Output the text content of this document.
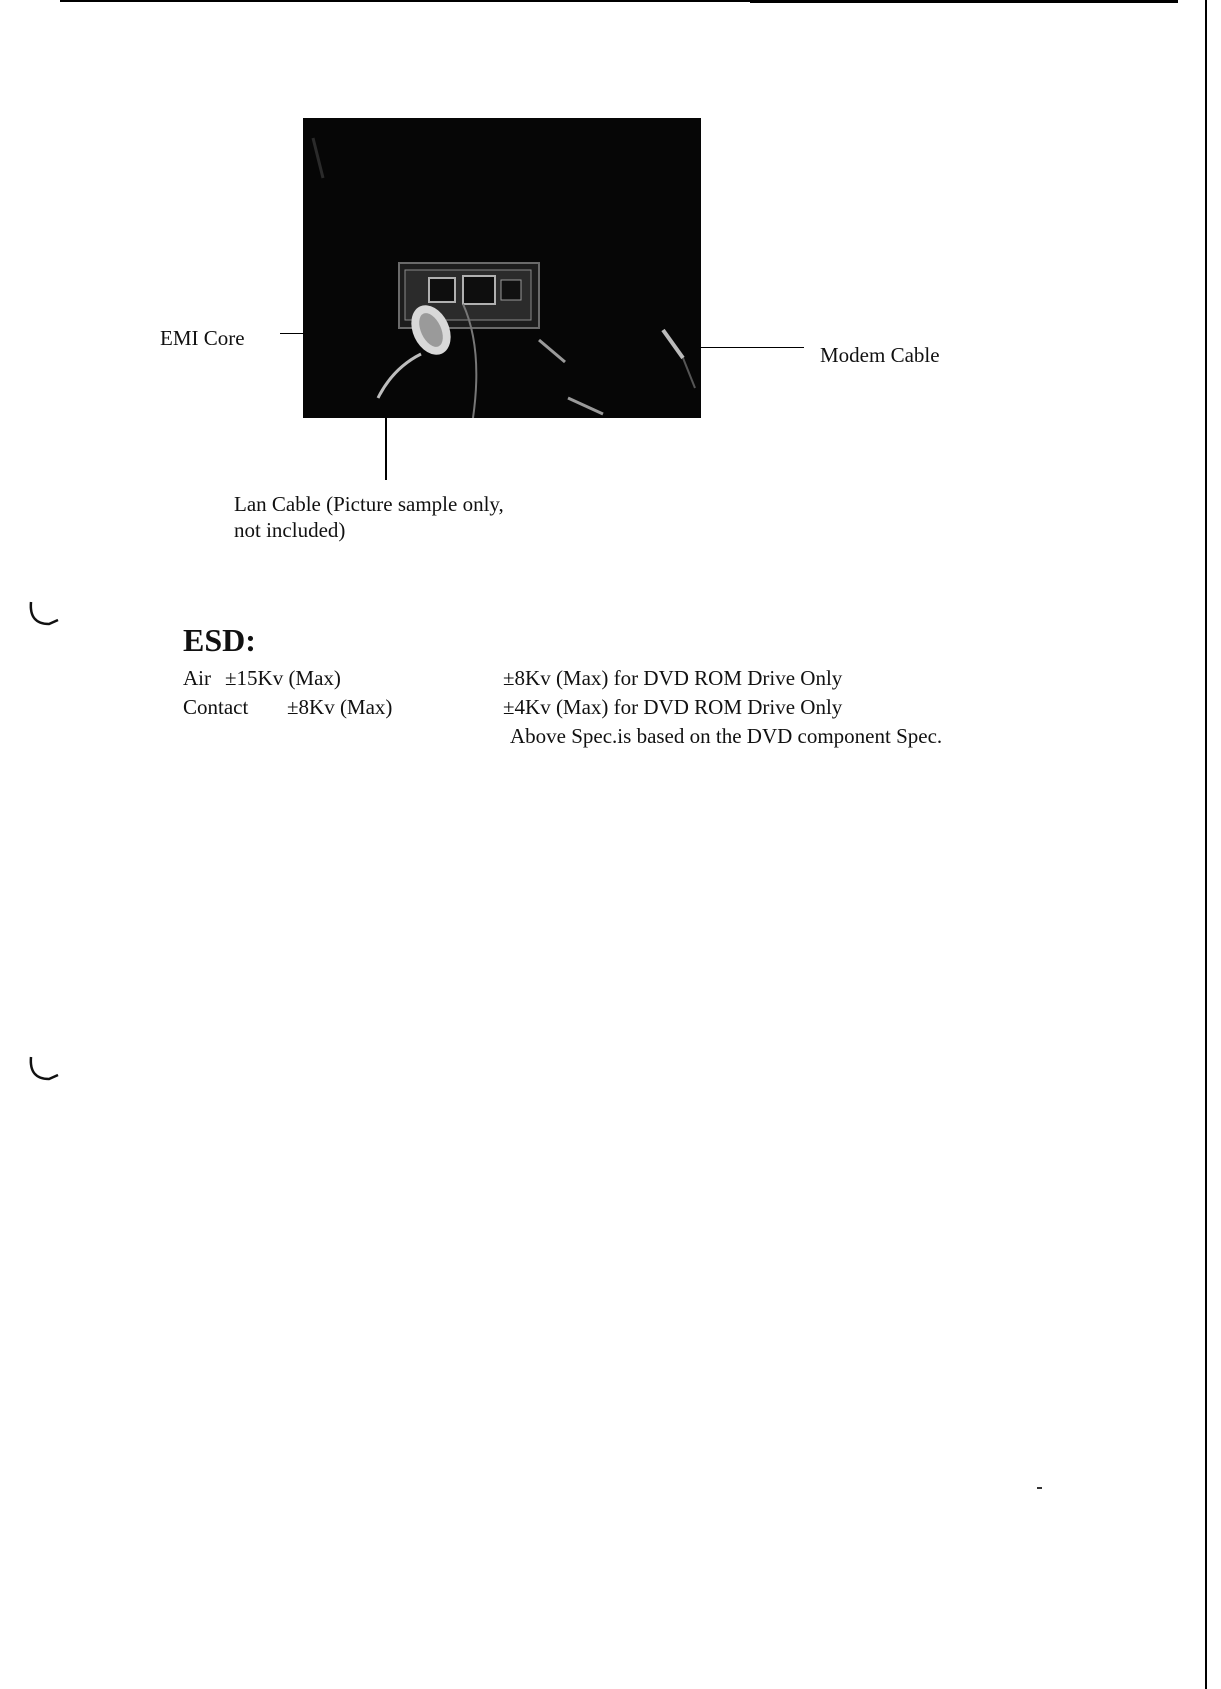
EMI Core
Modem Cable
Lan Cable (Picture sample only,
not included)
ESD:
Air ±15Kv (Max)	±8Kv (Max) for DVD ROM Drive Only
Contact ±8Kv (Max)	±4Kv (Max) for DVD ROM Drive Only
Above Spec.is based on the DVD component Spec.
